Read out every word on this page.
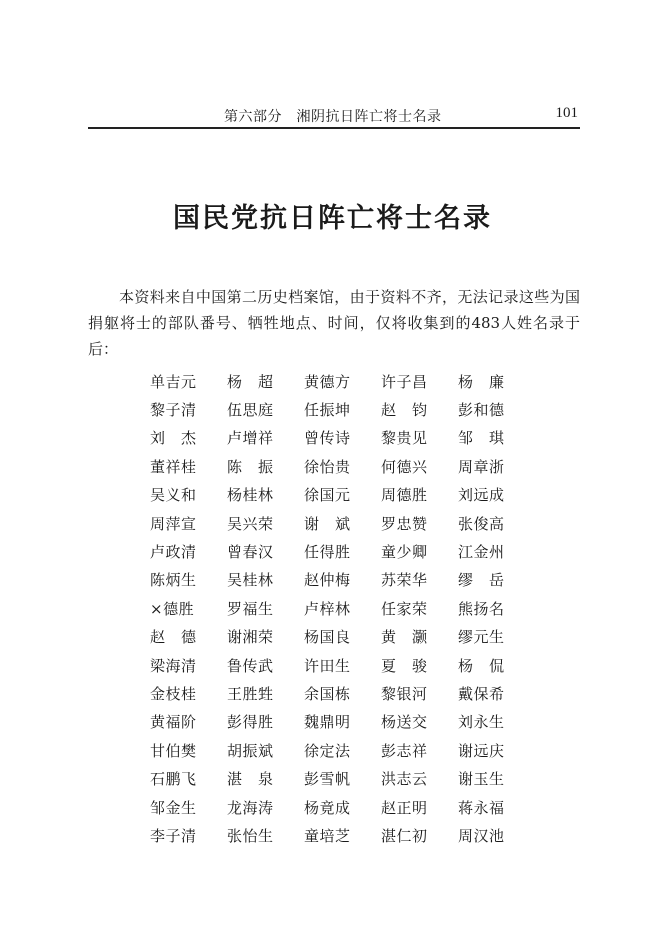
第六部分　湘阴抗日阵亡将士名录	101
国民党抗日阵亡将士名录

本资料来自中国第二历史档案馆，由于资料不齐，无法记录这些为国捐躯将士的部队番号、牺牲地点、时间，仅将收集到的483人姓名录于后：

单吉元	杨　超	黄德方	许子昌	杨　廉
黎子清	伍思庭	任振坤	赵　钧	彭和德
刘　杰	卢增祥	曾传诗	黎贵见	邹　琪
董祥桂	陈　振	徐怡贵	何德兴	周章浙
吴义和	杨桂林	徐国元	周德胜	刘远成
周萍宣	吴兴荣	谢　斌	罗忠赞	张俊高
卢政清	曾春汉	任得胜	童少卿	江金州
陈炳生	吴桂林	赵仲梅	苏荣华	缪　岳
×德胜	罗福生	卢梓林	任家荣	熊扬名
赵　德	谢湘荣	杨国良	黄　灏	缪元生
梁海清	鲁传武	许田生	夏　骏	杨　侃
金枝桂	王胜甡	余国栋	黎银河	戴保希
黄福阶	彭得胜	魏鼎明	杨送交	刘永生
甘伯樊	胡振斌	徐定法	彭志祥	谢远庆
石鹏飞	湛　泉	彭雪帆	洪志云	谢玉生
邹金生	龙海涛	杨竟成	赵正明	蒋永福
李子清	张怡生	童培芝	湛仁初	周汉池
